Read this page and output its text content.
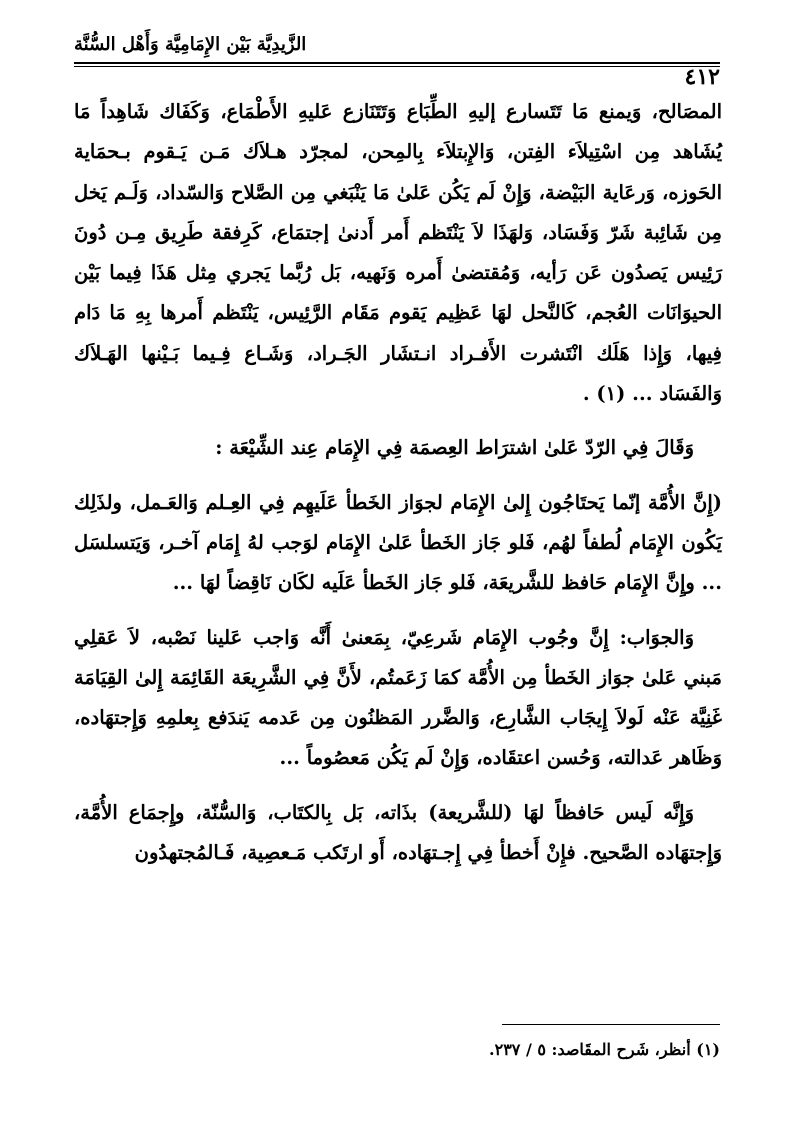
الزَّيدِيَّة بَيْن الإِمَامِيَّة وَأَهْل السُّنَّة
٤١٢

المصَالح، وَيمنع مَا تَتَسارع إليهِ الطِّبَاع وَتَتَنَازع عَليهِ الأَطْمَاع، وَكَفَاك شَاهِداً مَا يُشَاهد مِن اسْتِيلاَء الفِتن، وَالإِبتلاَء بِالمِحن، لمجرّد هـلاَك مَـن يَـقوم بـحمَاية الحَوزه، وَرعَاية البَيْضة، وَإِنْ لَم يَكُن عَلىٰ مَا يَنْبَغي مِن الصَّلاح وَالسّداد، وَلَـم يَخل مِن شَائِبة شَرّ وَفَسَاد، وَلهَذَا لاَ يَنْتَظم أَمر أَدنىٰ إجتمَاع، كَرِفقة طَرِيق مِـن دُونَ رَئِيس يَصدُون عَن رَأيه، وَمُقتضىٰ أَمره وَنَهيه، بَل رُبَّما يَجري مِثل هَذَا فِيما بَيْن الحيوَانَات العُجم، كَالنَّحل لهَا عَظِيم يَقوم مَقَام الرَّئِيس، يَنْتَظم أَمرها بِهِ مَا دَام فِيها، وَإِذا هَلَك انْتَشرت الأَفـراد انـتشَار الجَـراد، وَشَـاع فِـيما بَـيْنها الهَـلاَك وَالفَسَاد ... (١) .

وَقَالَ فِي الرّدّ عَلىٰ اشترَاط العِصمَة فِي الإِمَام عِند الشِّيْعَة :

(إِنَّ الأُمَّة إنّما يَحتَاجُون إِلىٰ الإِمَام لجوَاز الخَطأ عَلَيهِم فِي العِـلم وَالعَـمل، ولذَلِك يَكُون الإِمَام لُطفاً لهُم، فَلو جَاز الخَطأ عَلىٰ الإِمَام لوَجب لهُ إِمَام آخـر، وَيَتسلسَل ... وإِنَّ الإِمَام حَافظ للشَّريعَة، فَلو جَاز الخَطأ عَلَيه لكَان نَاقِضاً لهَا ...

وَالجوَاب: إِنَّ وجُوب الإِمَام شَرعِيّ، بِمَعنىٰ أَنَّه وَاجب عَلينا نَصْبه، لاَ عَقلِي مَبني عَلىٰ جوَاز الخَطأ مِن الأُمَّة كمَا زَعَمتُم، لأَنَّ فِي الشَّرِيعَة القَائِمَة إِلىٰ القِيَامَة غَنِيَّة عَنْه لَولاَ إِيجَاب الشَّارِع، وَالضَّرر المَظنُون مِن عَدمه يَندَفع بِعلمِهِ وَإِجتهَاده، وَظَاهر عَدالته، وَحُسن اعتقَاده، وَإِنْ لَم يَكُن مَعصُوماً ...

وَإِنَّه لَيس حَافظاً لهَا (للشَّريعة) بذَاته، بَل بِالكتَاب، وَالسُّنّة، وإِجمَاع الأُمَّة، وَإِجتهَاده الصَّحيح. فإِنْ أَخطأ فِي إِجـتهَاده، أَو ارتَكب مَـعصِية، فَـالمُجتهدُون

(١) أنظر، شَرح المقَاصد: ٥ / ٢٣٧.
